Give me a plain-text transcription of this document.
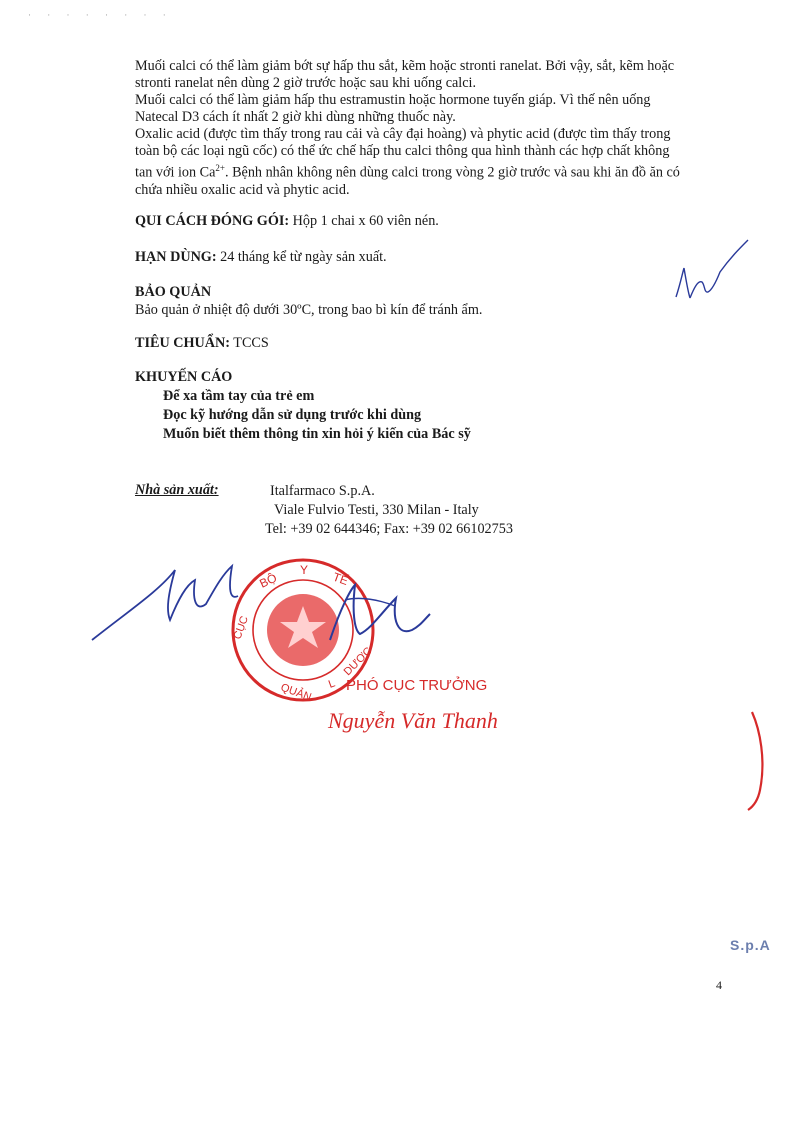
· · · · · · · ·

Muối calci có thể làm giảm bớt sự hấp thu sắt, kẽm hoặc stronti ranelat. Bởi vậy, sắt, kẽm hoặc
stronti ranelat nên dùng 2 giờ trước hoặc sau khi uống calci.

Muối calci có thể làm giảm hấp thu estramustin hoặc hormone tuyến giáp. Vì thế nên uống
Natecal D3 cách ít nhất 2 giờ khi dùng những thuốc này.

Oxalic acid (được tìm thấy trong rau cải và cây đại hoàng) và phytic acid (được tìm thấy trong
toàn bộ các loại ngũ cốc) có thể ức chế hấp thu calci thông qua hình thành các hợp chất không
tan với ion $Ca^{2+}$. Bệnh nhân không nên dùng calci trong vòng 2 giờ trước và sau khi ăn đồ ăn có
chứa nhiều oxalic acid và phytic acid.

QUI CÁCH ĐÓNG GÓI: Hộp 1 chai x 60 viên nén.
HẠN DÙNG: 24 tháng kể từ ngày sản xuất.
BẢO QUẢN
Bảo quản ở nhiệt độ dưới 30ºC, trong bao bì kín để tránh ẩm.
TIÊU CHUẨN: TCCS
KHUYẾN CÁO
Để xa tầm tay của trẻ em
Đọc kỹ hướng dẫn sử dụng trước khi dùng
Muốn biết thêm thông tin xin hỏi ý kiến của Bác sỹ
Nhà sản xuất:	Italfarmaco S.p.A.
Viale Fulvio Testi, 330 Milan - Italy
Tel: +39 02 644346; Fax: +39 02 66102753
BỘ
Y TẾ
CỤC
QUẢN L
DƯỢC
PHÓ CỤC TRƯỞNG
Nguyễn Văn Thanh
S.p.A
4
